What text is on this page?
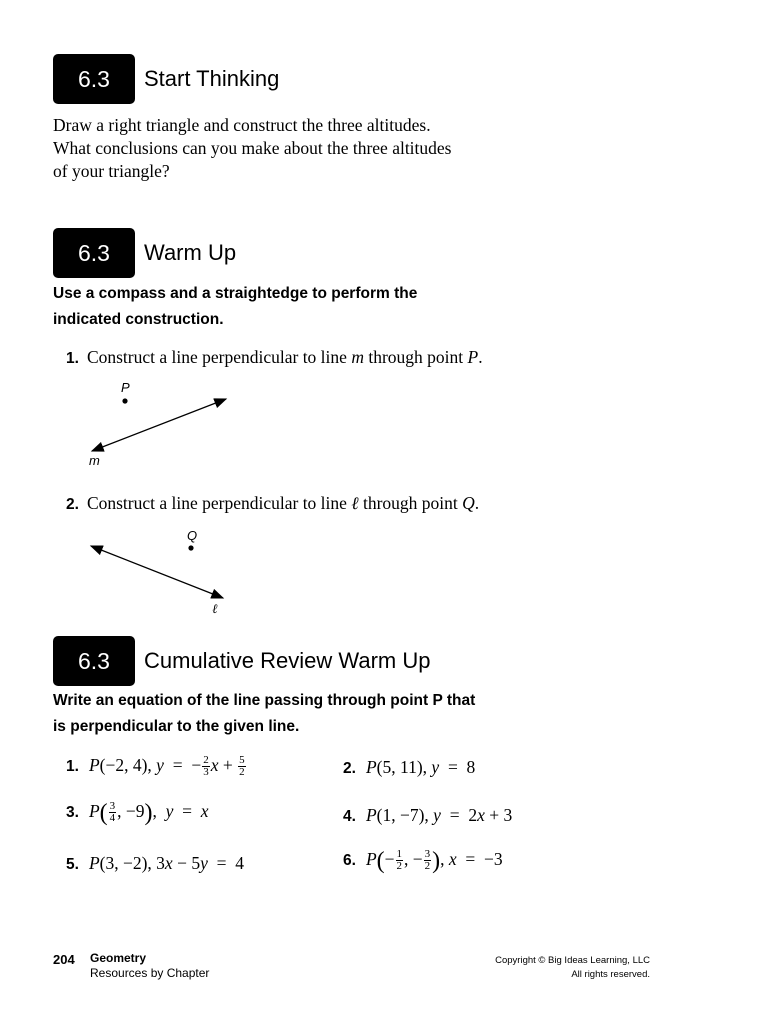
6.3	Start Thinking
Draw a right triangle and construct the three altitudes.
What conclusions can you make about the three altitudes
of your triangle?
6.3	Warm Up
Use a compass and a straightedge to perform the
indicated construction.
1. Construct a line perpendicular to line m through point P.
P
m
2. Construct a line perpendicular to line ℓ through point Q.
Q
ℓ
6.3	Cumulative Review Warm Up
Write an equation of the line passing through point P that
is perpendicular to the given line.
1. P(−2, 4), y  =  − $\frac{2}{3}$ $x + \frac{5}{2}$	2. P(5, 11), y  =  8
3. $P( \frac{3}{4}$ , −9),  y  =  x	4. P(1, −7), y  =  2x + 3
5. P(3, −2), 3x − 5y  =  4	6. $P(- \frac{1}{2}$ , − $\frac{3}{2}$ ), x  =  −3
204 Geometry
Resources by Chapter
Copyright © Big Ideas Learning, LLC
All rights reserved.
